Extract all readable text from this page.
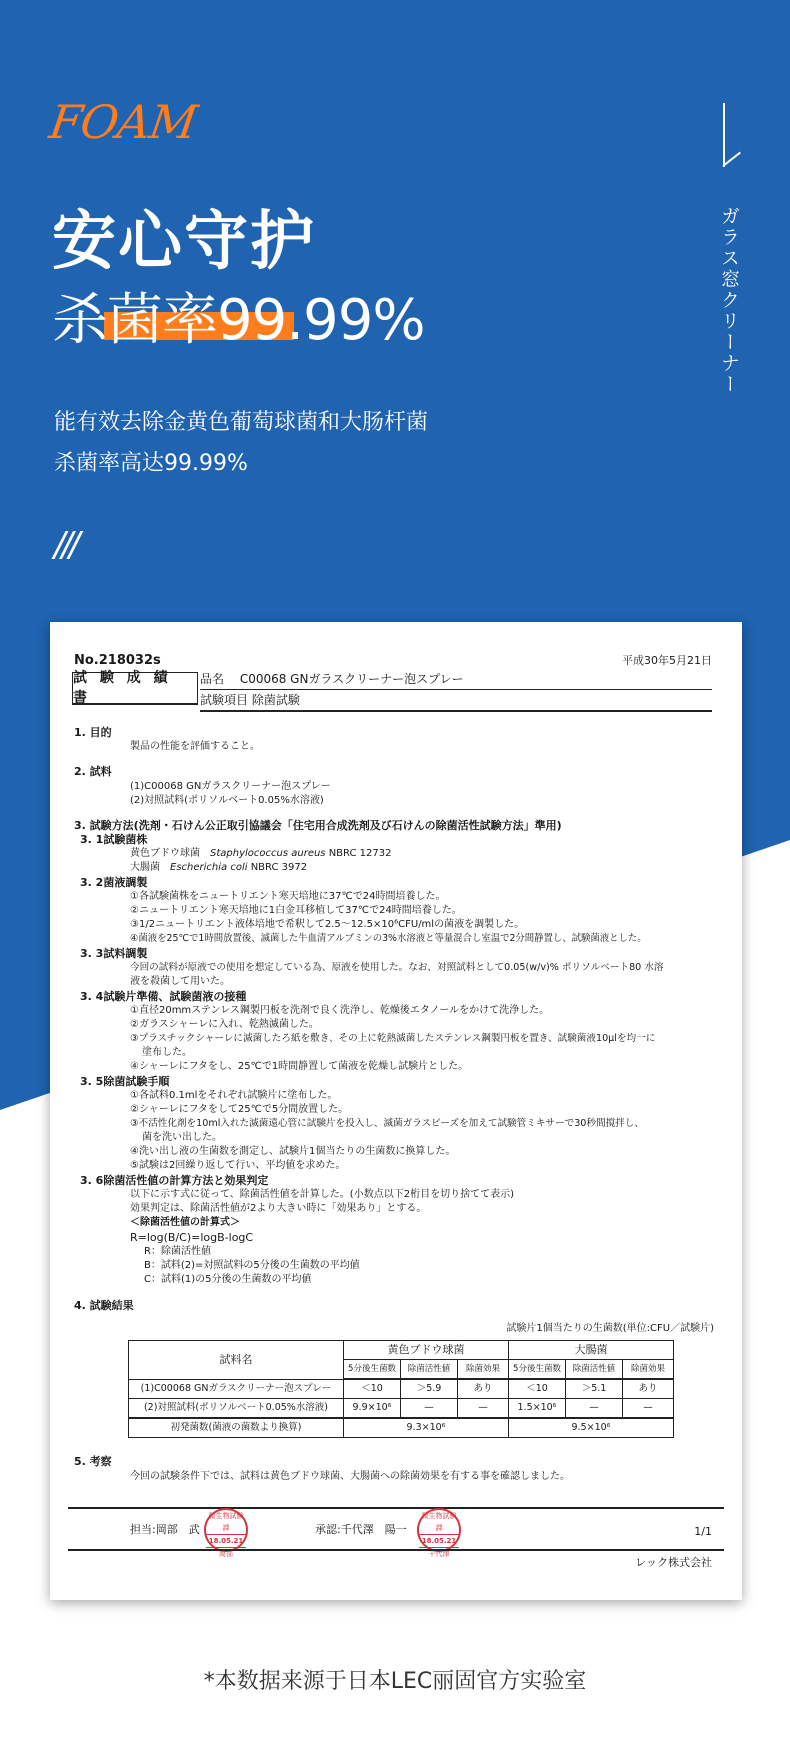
FOAM
安心守护
杀菌率99.99%
能有效去除金黄色葡萄球菌和大肠杆菌
杀菌率高达99.99%
///
ガラス窓クリーナー
No.218032s	平成30年5月21日
試 験 成 績 書
品名　 C00068 GNガラスクリーナー泡スプレー
試験項目 除菌試験
1. 目的
製品の性能を評価すること。
2. 試料
(1)C00068 GNガラスクリーナー泡スプレー
(2)対照試料(ポリソルベート0.05%水溶液)
3. 試験方法(洗剤・石けん公正取引協議会「住宅用合成洗剤及び石けんの除菌活性試験方法」準用)
3. 1試験菌株
黄色ブドウ球菌　 Staphylococcus aureus NBRC 12732
大腸菌　 Escherichia coli NBRC 3972
3. 2菌液調製
①各試験菌株をニュートリエント寒天培地に37℃で24時間培養した。
②ニュートリエント寒天培地に1白金耳移植して37℃で24時間培養した。
③1/2ニュートリエント液体培地で希釈して2.5～12.5×10⁶CFU/mlの菌液を調製した。
④菌液を25℃で1時間放置後、滅菌した牛血清アルブミンの3%水溶液と等量混合し室温で2分間静置し、試験菌液とした。
3. 3試料調製
今回の試料が原液での使用を想定している為、原液を使用した。なお、対照試料として0.05(w/v)% ポリソルベート80 水溶
液を殺菌して用いた。
3. 4試験片準備、試験菌液の接種
①直径20mmステンレス鋼製円板を洗剤で良く洗浄し、乾燥後エタノールをかけて洗浄した。
②ガラスシャーレに入れ、乾熱滅菌した。
③プラスチックシャーレに滅菌したろ紙を敷き、その上に乾熱滅菌したステンレス鋼製円板を置き、試験菌液10μlを均一に
塗布した。
④シャーレにフタをし、25℃で1時間静置して菌液を乾燥し試験片とした。
3. 5除菌試験手順
①各試料0.1mlをそれぞれ試験片に塗布した。
②シャーレにフタをして25℃で5分間放置した。
③不活性化剤を10ml入れた滅菌遠心管に試験片を投入し、滅菌ガラスビーズを加えて試験管ミキサーで30秒間撹拌し、
菌を洗い出した。
④洗い出し液の生菌数を測定し、試験片1個当たりの生菌数に換算した。
⑤試験は2回繰り返して行い、平均値を求めた。
3. 6除菌活性値の計算方法と効果判定
以下に示す式に従って、除菌活性値を計算した。(小数点以下2桁目を切り捨てて表示)
効果判定は、除菌活性値が2より大きい時に「効果あり」とする。
＜除菌活性値の計算式＞
R=log(B/C)=logB-logC
R：除菌活性値
B：試料(2)=対照試料の5分後の生菌数の平均値
C：試料(1)の5分後の生菌数の平均値
4. 試験結果
試験片1個当たりの生菌数(単位:CFU／試験片)
試料名	黄色ブドウ球菌			大腸菌		
	5分後生菌数	除菌活性値	除菌効果	5分後生菌数	除菌活性値	除菌効果
(1)C00068 GNガラスクリーナー泡スプレー	＜10	＞5.9	あり	＜10	＞5.1	あり
(2)対照試料(ポリソルベート0.05%水溶液)	9.9×10⁶	—	—	1.5×10⁶	—	—
初発菌数(菌液の菌数より換算)	9.3×10⁶			9.5×10⁶		
5. 考察
今回の試験条件下では、試料は黄色ブドウ球菌、大腸菌への除菌効果を有する事を確認しました。
担当:岡部　武
微生物試験課
18.05.21
岡部
承認:千代澤　陽一
微生物試験課
18.05.21
千代澤
1/1
レック株式会社
*本数据来源于日本LEC丽固官方实验室
